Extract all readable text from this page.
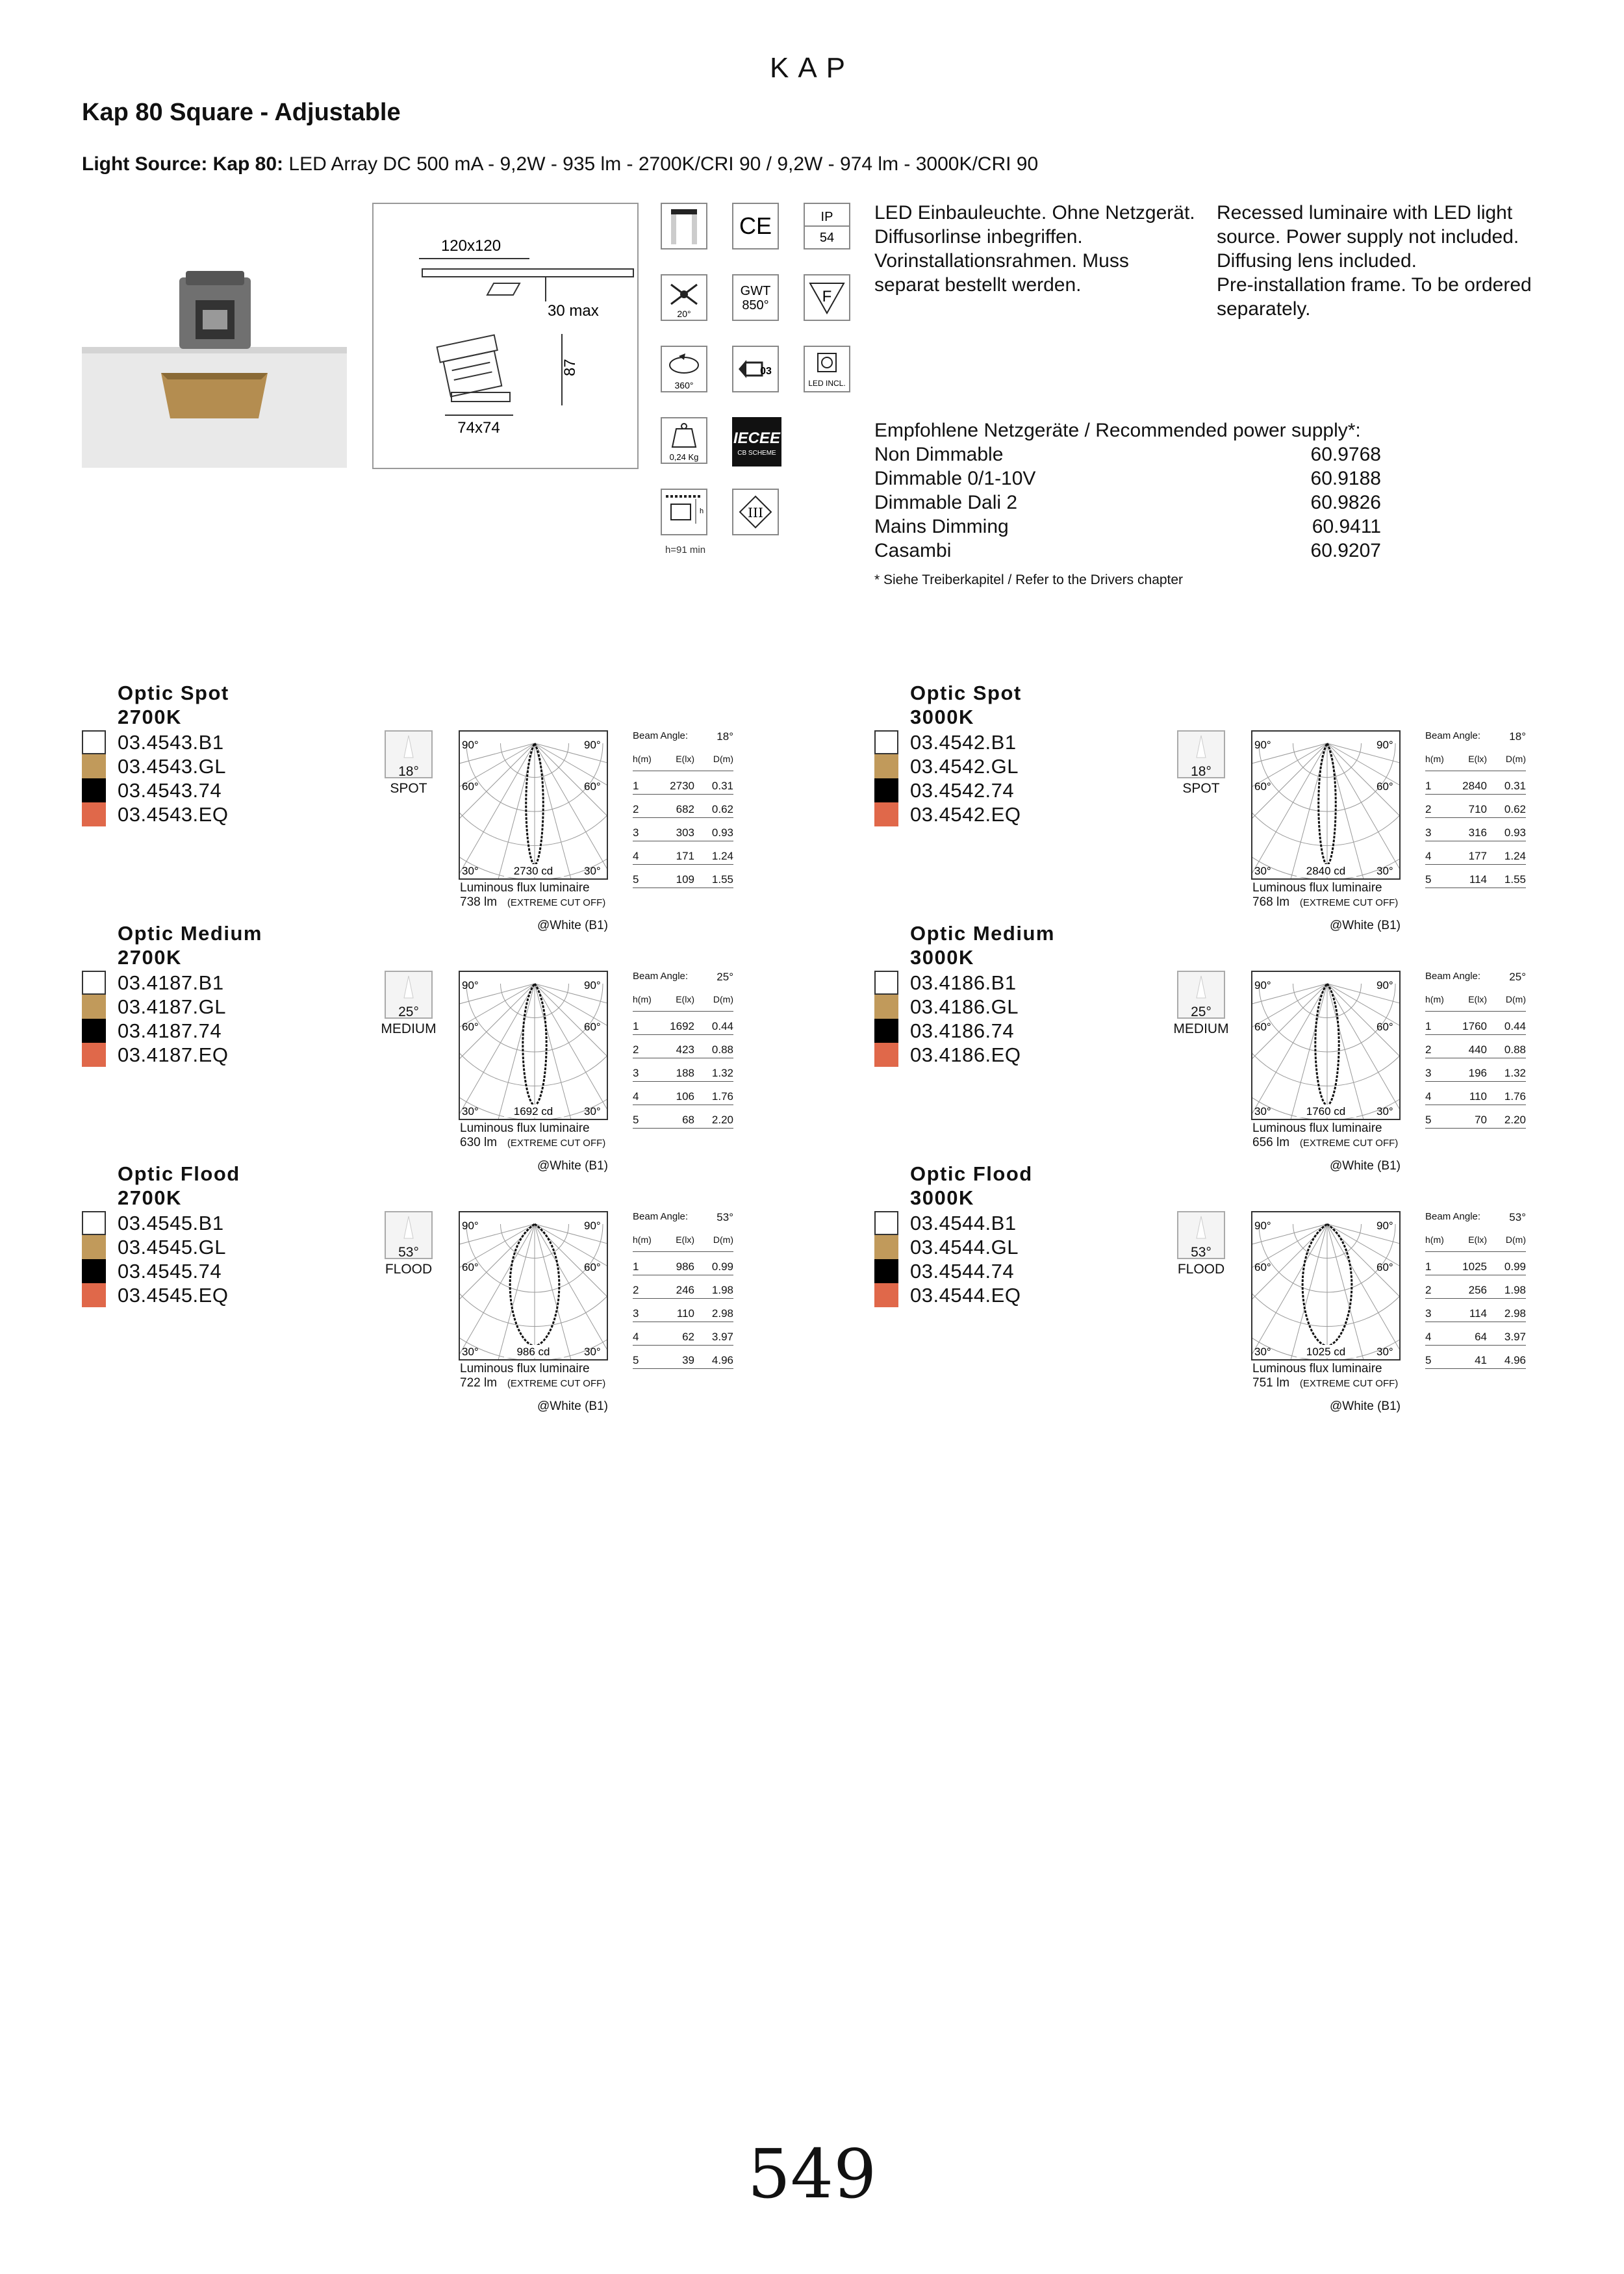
KAP
Kap 80 Square - Adjustable
Light Source: Kap 80: LED Array DC 500 mA - 9,2W - 935 lm - 2700K/CRI 90 / 9,2W - 974 lm - 3000K/CRI 90
120x120
30 max
87
74x74
CE	IP
54
20°
GWT
850°	F
360°
03
LED INCL.
0,24 Kg
IECEE
CB SCHEME
h
h=91 min
III
LED Einbauleuchte. Ohne Netzgerät.
Diffusorlinse inbegriffen.
Vorinstallationsrahmen. Muss
separat bestellt werden.
Recessed luminaire with LED light
source. Power supply not included.
Diffusing lens included.
Pre-installation frame. To be ordered
separately.
Empfohlene Netzgeräte / Recommended power supply*:
Non Dimmable	60.9768
Dimmable 0/1-10V	60.9188
Dimmable Dali 2	60.9826
Mains Dimming	60.9411
Casambi	60.9207
* Siehe Treiberkapitel / Refer to the Drivers chapter
Optic Spot
2700K
03.4543.B1
03.4543.GL
03.4543.74
03.4543.EQ
18°
SPOT
90°	90°
60°	60°
30°	30°
2730 cd
Luminous flux luminaire
738 lm (EXTREME CUT OFF)
@White (B1)
Beam Angle:	18°
h(m)	E(lx)	D(m)
1	2730	0.31
2	682	0.62
3	303	0.93
4	171	1.24
5	109	1.55
Optic Spot
3000K
03.4542.B1
03.4542.GL
03.4542.74
03.4542.EQ
18°
SPOT
90°	90°
60°	60°
30°	30°
2840 cd
Luminous flux luminaire
768 lm (EXTREME CUT OFF)
@White (B1)
Beam Angle:	18°
h(m)	E(lx)	D(m)
1	2840	0.31
2	710	0.62
3	316	0.93
4	177	1.24
5	114	1.55
Optic Medium
2700K
03.4187.B1
03.4187.GL
03.4187.74
03.4187.EQ
25°
MEDIUM
90°	90°
60°	60°
30°	30°
1692 cd
Luminous flux luminaire
630 lm (EXTREME CUT OFF)
@White (B1)
Beam Angle:	25°
h(m)	E(lx)	D(m)
1	1692	0.44
2	423	0.88
3	188	1.32
4	106	1.76
5	68	2.20
Optic Medium
3000K
03.4186.B1
03.4186.GL
03.4186.74
03.4186.EQ
25°
MEDIUM
90°	90°
60°	60°
30°	30°
1760 cd
Luminous flux luminaire
656 lm (EXTREME CUT OFF)
@White (B1)
Beam Angle:	25°
h(m)	E(lx)	D(m)
1	1760	0.44
2	440	0.88
3	196	1.32
4	110	1.76
5	70	2.20
Optic Flood
2700K
03.4545.B1
03.4545.GL
03.4545.74
03.4545.EQ
53°
FLOOD
90°	90°
60°	60°
30°	30°
986 cd
Luminous flux luminaire
722 lm (EXTREME CUT OFF)
@White (B1)
Beam Angle:	53°
h(m)	E(lx)	D(m)
1	986	0.99
2	246	1.98
3	110	2.98
4	62	3.97
5	39	4.96
Optic Flood
3000K
03.4544.B1
03.4544.GL
03.4544.74
03.4544.EQ
53°
FLOOD
90°	90°
60°	60°
30°	30°
1025 cd
Luminous flux luminaire
751 lm (EXTREME CUT OFF)
@White (B1)
Beam Angle:	53°
h(m)	E(lx)	D(m)
1	1025	0.99
2	256	1.98
3	114	2.98
4	64	3.97
5	41	4.96
549
